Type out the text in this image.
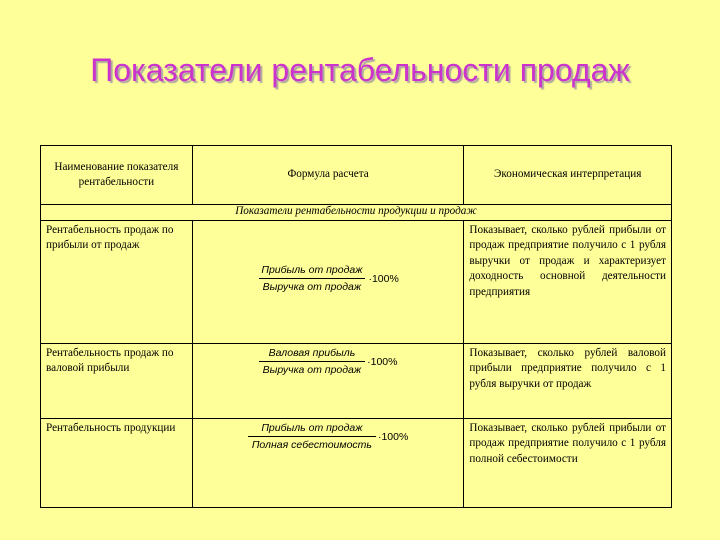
Показатели рентабельности продаж
Наименование показателя рентабельности	Формула расчета	Экономическая интерпретация
Показатели рентабельности продукции и продаж		
Рентабельность продаж по прибыли от продаж	$\frac{\text{Прибыль от продаж}}{\text{Выручка от продаж}} \cdot 100\%$	Показывает, сколько рублей прибыли от продаж предприятие получило с 1 рубля выручки от продаж и характеризует доходность основной деятельности предприятия
Рентабельность продаж по валовой прибыли	$\frac{\text{Валовая прибыль}}{\text{Выручка от продаж}} \cdot 100\%$	Показывает, сколько рублей валовой прибыли предприятие получило с 1 рубля выручки от продаж
Рентабельность продукции	$\frac{\text{Прибыль от продаж}}{\text{Полная себестоимость}} \cdot 100\%$	Показывает, сколько рублей прибыли от продаж предприятие получило с 1 рубля полной себестоимости
